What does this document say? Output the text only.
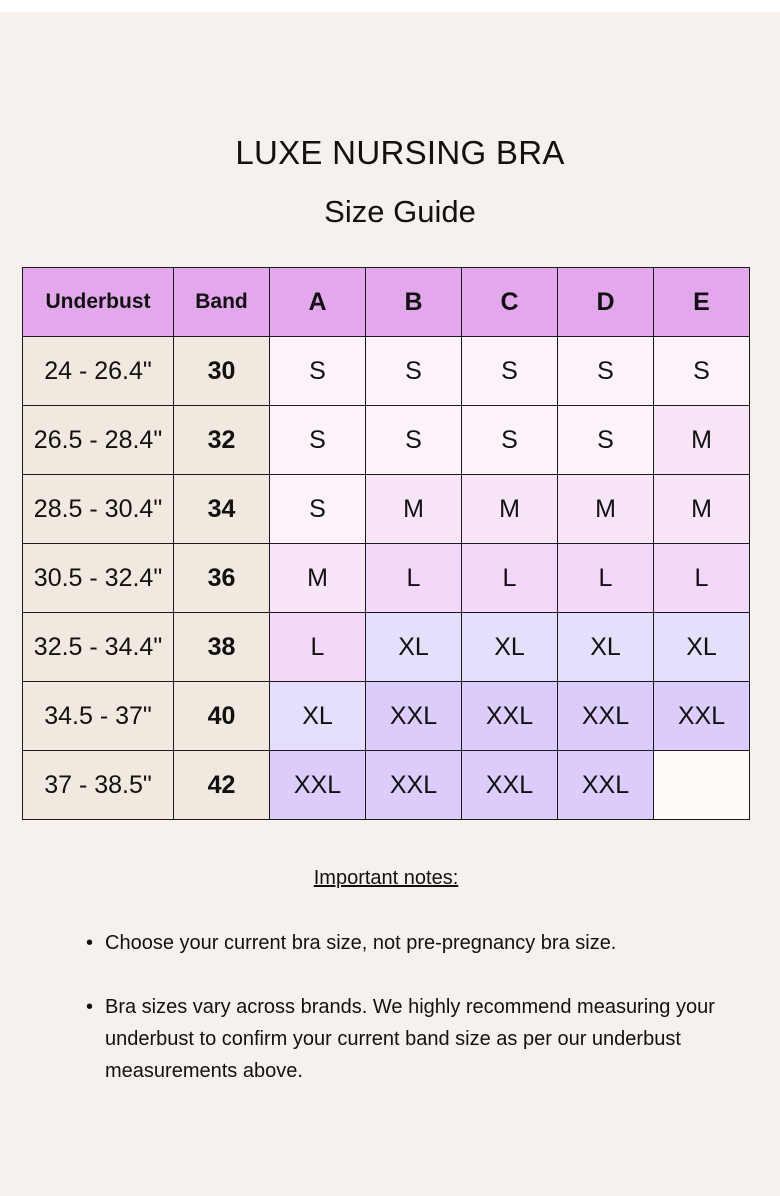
LUXE NURSING BRA
Size Guide
Underbust	Band	A	B	C	D	E
24 - 26.4"	30	S	S	S	S	S
26.5 - 28.4"	32	S	S	S	S	M
28.5 - 30.4"	34	S	M	M	M	M
30.5 - 32.4"	36	M	L	L	L	L
32.5 - 34.4"	38	L	XL	XL	XL	XL
34.5 - 37"	40	XL	XXL	XXL	XXL	XXL
37 - 38.5"	42	XXL	XXL	XXL	XXL	
Important notes:
• Choose your current bra size, not pre-pregnancy bra size.
• Bra sizes vary across brands. We highly recommend measuring your underbust to confirm your current band size as per our underbust measurements above.
